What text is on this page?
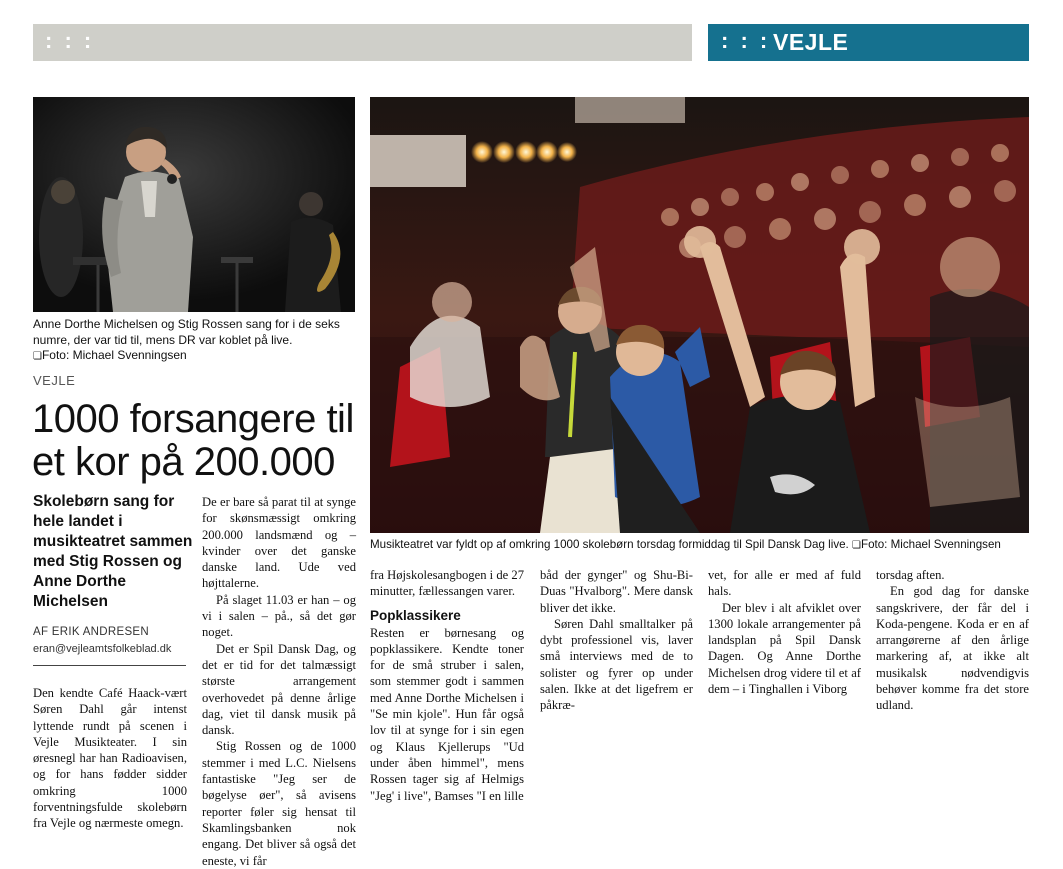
: : :	: : : VEJLE
Anne Dorthe Michelsen og Stig Rossen sang for i de seks numre, der var tid til, mens DR var koblet på live.
❏ Foto: Michael Svenningsen
Musikteatret var fyldt op af omkring 1000 skolebørn torsdag formiddag til Spil Dansk Dag live. ❏ Foto: Michael Svenningsen
VEJLE
1000 forsangere til et kor på 200.000
Skolebørn sang for hele landet i musikteatret sammen med Stig Rossen og Anne Dorthe Michelsen
AF ERIK ANDRESEN
eran@vejleamtsfolkeblad.dk

Den kendte Café Haack-vært Søren Dahl går intenst lyttende rundt på scenen i Vejle Musikteater. I sin øresnegl har han Radioavisen, og for hans fødder sidder omkring 1000 forventningsfulde skolebørn fra Vejle og nærmeste omegn.

De er bare så parat til at synge for skønsmæssigt omkring 200.000 landsmænd og –kvinder over det ganske danske land. Ude ved højttalerne.

På slaget 11.03 er han – og vi i salen – på., så det gør noget.

Det er Spil Dansk Dag, og det er tid for det talmæssigt største arrangement overhovedet på denne årlige dag, viet til dansk musik på dansk.

Stig Rossen og de 1000 stemmer i med L.C. Nielsens fantastiske "Jeg ser de bøgelyse øer", så avisens reporter føler sig hensat til Skamlingsbanken nok engang. Det bliver så også det eneste, vi får

fra Højskolesangbogen i de 27 minutter, fællessangen varer.

Popklassikere

Resten er børnesang og popklassikere. Kendte toner for de små struber i salen, som stemmer godt i sammen med Anne Dorthe Michelsen i "Se min kjole". Hun får også lov til at synge for i sin egen og Klaus Kjellerups "Ud under åben himmel", mens Rossen tager sig af Helmigs "Jeg' i live", Bamses "I en lille

båd der gynger" og Shu-Bi-Duas "Hvalborg". Mere dansk bliver det ikke.

Søren Dahl smalltalker på dybt professionel vis, laver små interviews med de to solister og fyrer op under salen. Ikke at det ligefrem er påkræ-

vet, for alle er med af fuld hals.

Der blev i alt afviklet over 1300 lokale arrangementer på landsplan på Spil Dansk Dagen. Og Anne Dorthe Michelsen drog videre til et af dem – i Tinghallen i Viborg

torsdag aften.

En god dag for danske sangskrivere, der får del i Koda-pengene. Koda er en af arrangørerne af den årlige markering af, at ikke alt musikalsk nødvendigvis behøver komme fra det store udland.
